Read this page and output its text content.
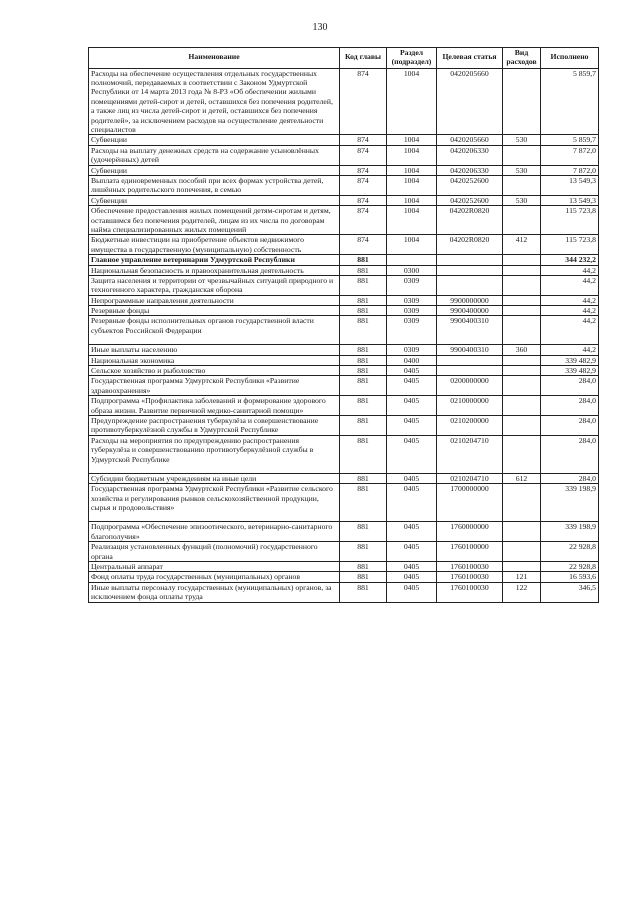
130
Наименование	Код главы	Раздел (подраздел)	Целевая статья	Вид расходов	Исполнено
Расходы на обеспечение осуществления отдельных государственных полномочий, передаваемых в соответствии с Законом Удмуртской Республики от 14 марта 2013 года № 8-РЗ «Об обеспечении жилыми помещениями детей-сирот и детей, оставшихся без попечения родителей, а также лиц из числа детей-сирот и детей, оставшихся без попечения родителей», за исключением расходов на осуществление деятельности специалистов	874	1004	0420205660		5 859,7
Субвенции	874	1004	0420205660	530	5 859,7
Расходы на выплату денежных средств на содержание усыновлённых (удочерённых) детей	874	1004	0420206330		7 872,0
Субвенции	874	1004	0420206330	530	7 872,0
Выплата единовременных пособий при всех формах устройства детей, лишённых родительского попечения, в семью	874	1004	0420252600		13 549,3
Субвенции	874	1004	0420252600	530	13 549,3
Обеспечение предоставления жилых помещений детям-сиротам и детям, оставшимся без попечения родителей, лицам из их числа по договорам найма специализированных жилых помещений	874	1004	04202R0820		115 723,8
Бюджетные инвестиции на приобретение объектов недвижимого имущества в государственную (муниципальную) собственность	874	1004	04202R0820	412	115 723,8
Главное управление ветеринарии Удмуртской Республики	881				344 232,2
Национальная безопасность и правоохранительная деятельность	881	0300			44,2
Защита населения и территории от чрезвычайных ситуаций природного и техногенного характера, гражданская оборона	881	0309			44,2
Непрограммные направления деятельности	881	0309	9900000000		44,2
Резервные фонды	881	0309	9900400000		44,2
Резервные фонды исполнительных органов государственной власти субъектов Российской Федерации	881	0309	9900400310		44,2
Иные выплаты населению	881	0309	9900400310	360	44,2
Национальная экономика	881	0400			339 482,9
Сельское хозяйство и рыболовство	881	0405			339 482,9
Государственная программа Удмуртской Республики «Развитие здравоохранения»	881	0405	0200000000		284,0
Подпрограмма «Профилактика заболеваний и формирование здорового образа жизни. Развитие первичной медико-санитарной помощи»	881	0405	0210000000		284,0
Предупреждение распространения туберкулёза и совершенствование противотуберкулёзной службы в Удмуртской Республике	881	0405	0210200000		284,0
Расходы на мероприятия по предупреждению распространения туберкулёза и совершенствованию противотуберкулёзной службы в Удмуртской Республике	881	0405	0210204710		284,0
Субсидии бюджетным учреждениям на иные цели	881	0405	0210204710	612	284,0
Государственная программа Удмуртской Республики «Развитие сельского хозяйства и регулирования рынков сельскохозяйственной продукции, сырья и продовольствия»	881	0405	1700000000		339 198,9
Подпрограмма «Обеспечение эпизоотического, ветеринарно-санитарного благополучия»	881	0405	1760000000		339 198,9
Реализация установленных функций (полномочий) государственного органа	881	0405	1760100000		22 928,8
Центральный аппарат	881	0405	1760100030		22 928,8
Фонд оплаты труда государственных (муниципальных) органов	881	0405	1760100030	121	16 593,6
Иные выплаты персоналу государственных (муниципальных) органов, за исключением фонда оплаты труда	881	0405	1760100030	122	346,5
